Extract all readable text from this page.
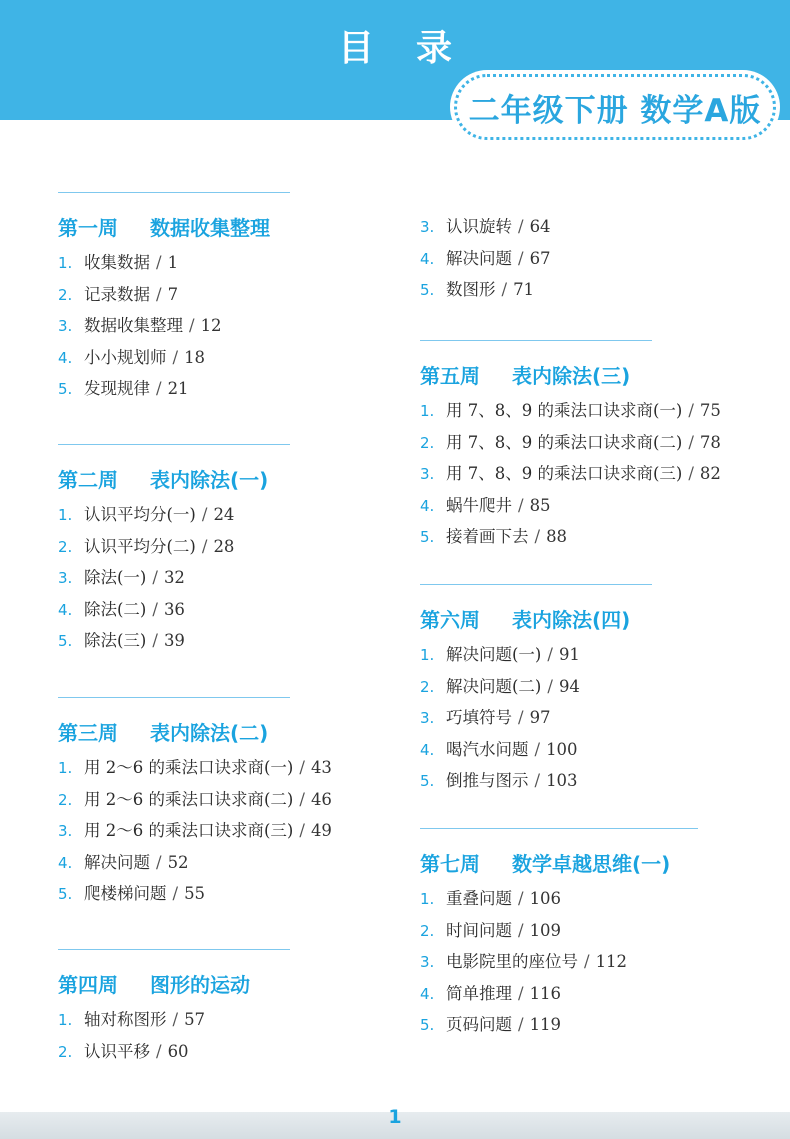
目录
二年级下册 数学A版
第一周 数据收集整理
1. 收集数据 / 1
2. 记录数据 / 7
3. 数据收集整理 / 12
4. 小小规划师 / 18
5. 发现规律 / 21
第二周 表内除法(一)
1. 认识平均分(一) / 24
2. 认识平均分(二) / 28
3. 除法(一) / 32
4. 除法(二) / 36
5. 除法(三) / 39
第三周 表内除法(二)
1. 用 2～6 的乘法口诀求商(一) / 43
2. 用 2～6 的乘法口诀求商(二) / 46
3. 用 2～6 的乘法口诀求商(三) / 49
4. 解决问题 / 52
5. 爬楼梯问题 / 55
第四周 图形的运动
1. 轴对称图形 / 57
2. 认识平移 / 60
3. 认识旋转 / 64
4. 解决问题 / 67
5. 数图形 / 71
第五周 表内除法(三)
1. 用 7、8、9 的乘法口诀求商(一) / 75
2. 用 7、8、9 的乘法口诀求商(二) / 78
3. 用 7、8、9 的乘法口诀求商(三) / 82
4. 蜗牛爬井 / 85
5. 接着画下去 / 88
第六周 表内除法(四)
1. 解决问题(一) / 91
2. 解决问题(二) / 94
3. 巧填符号 / 97
4. 喝汽水问题 / 100
5. 倒推与图示 / 103
第七周 数学卓越思维(一)
1. 重叠问题 / 106
2. 时间问题 / 109
3. 电影院里的座位号 / 112
4. 简单推理 / 116
5. 页码问题 / 119
1
